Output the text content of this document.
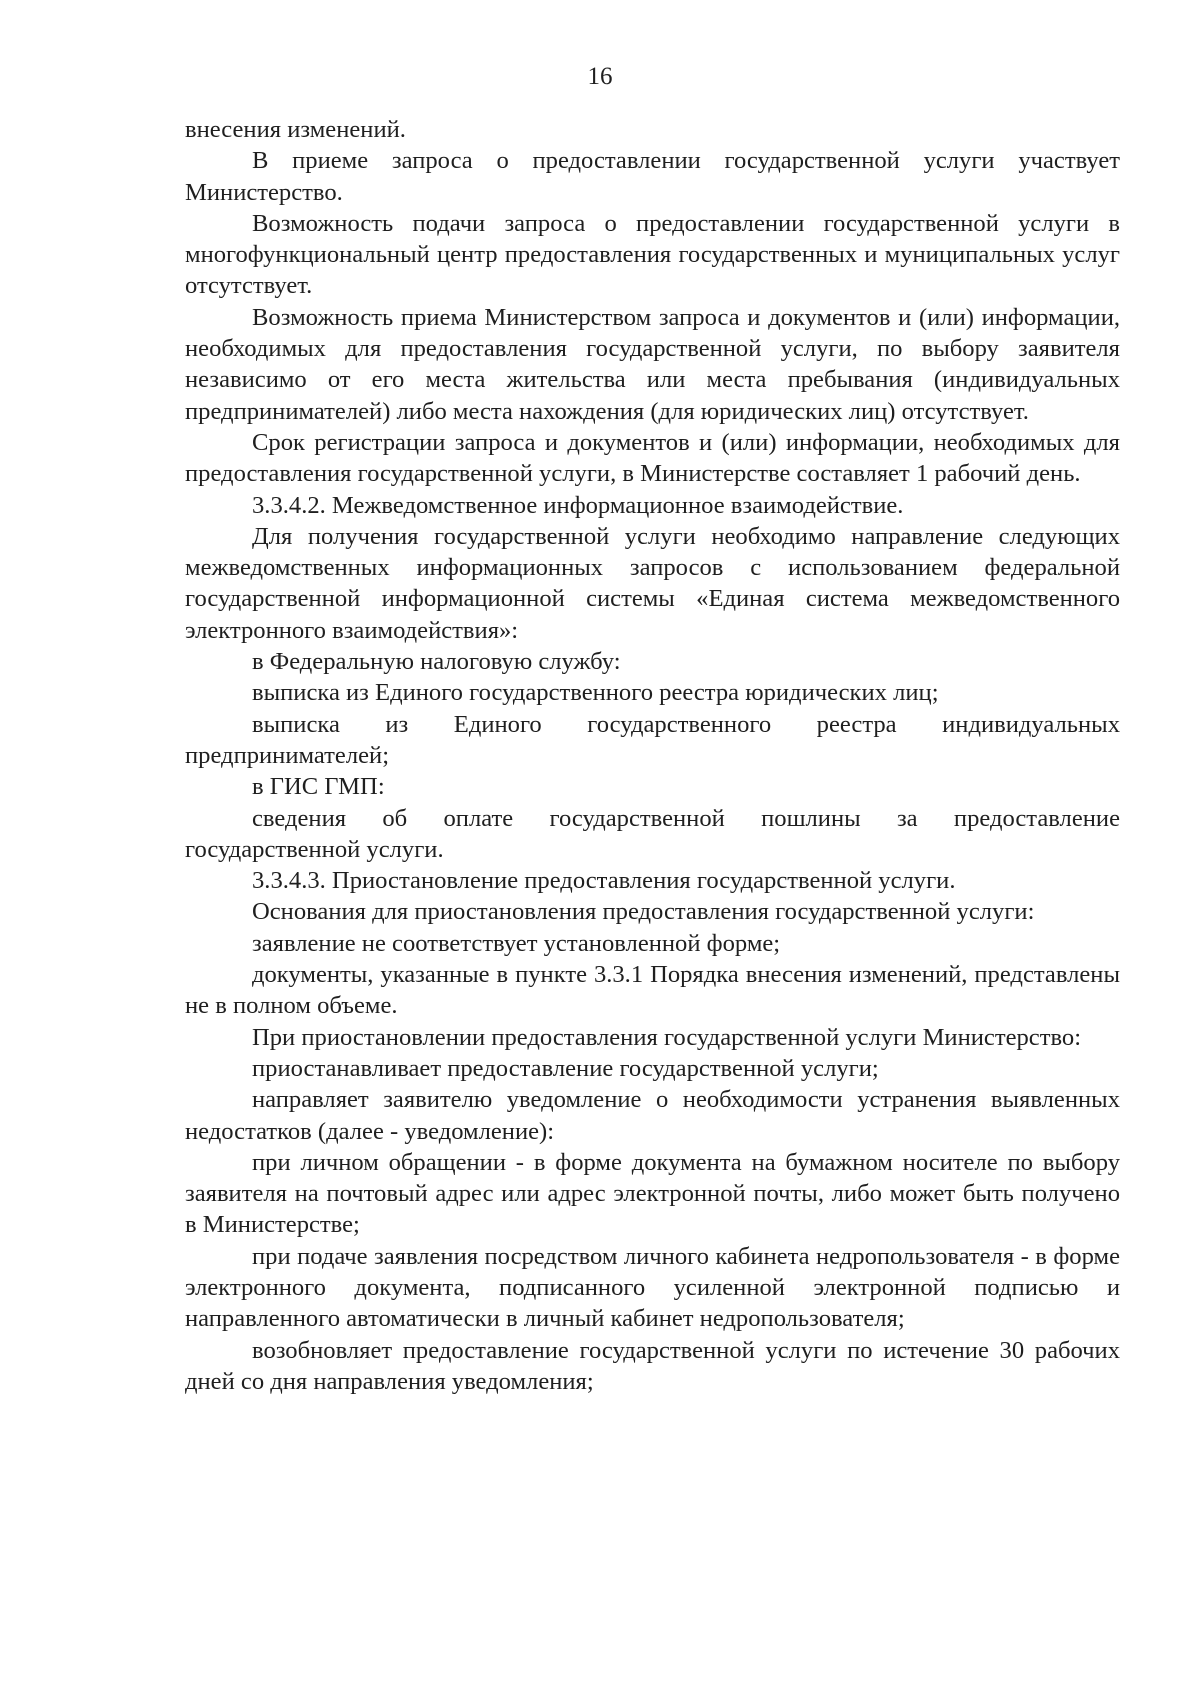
16

внесения изменений.

В приеме запроса о предоставлении государственной услуги участвует Министерство.

Возможность подачи запроса о предоставлении государственной услуги в многофункциональный центр предоставления государственных и муниципальных услуг отсутствует.

Возможность приема Министерством запроса и документов и (или) информации, необходимых для предоставления государственной услуги, по выбору заявителя независимо от его места жительства или места пребывания (индивидуальных предпринимателей) либо места нахождения (для юридических лиц) отсутствует.

Срок регистрации запроса и документов и (или) информации, необходимых для предоставления государственной услуги, в Министерстве составляет 1 рабочий день.

3.3.4.2. Межведомственное информационное взаимодействие.

Для получения государственной услуги необходимо направление следующих межведомственных информационных запросов с использованием федеральной государственной информационной системы «Единая система межведомственного электронного взаимодействия»:

в Федеральную налоговую службу:

выписка из Единого государственного реестра юридических лиц;

выписка из Единого государственного реестра индивидуальных предпринимателей;

в ГИС ГМП:

сведения об оплате государственной пошлины за предоставление государственной услуги.

3.3.4.3. Приостановление предоставления государственной услуги.

Основания для приостановления предоставления государственной услуги:

заявление не соответствует установленной форме;

документы, указанные в пункте 3.3.1 Порядка внесения изменений, представлены не в полном объеме.

При приостановлении предоставления государственной услуги Министерство:

приостанавливает предоставление государственной услуги;

направляет заявителю уведомление о необходимости устранения выявленных недостатков (далее - уведомление):

при личном обращении - в форме документа на бумажном носителе по выбору заявителя на почтовый адрес или адрес электронной почты, либо может быть получено в Министерстве;

при подаче заявления посредством личного кабинета недропользователя - в форме электронного документа, подписанного усиленной электронной подписью и направленного автоматически в личный кабинет недропользователя;

возобновляет предоставление государственной услуги по истечение 30 рабочих дней со дня направления уведомления;
